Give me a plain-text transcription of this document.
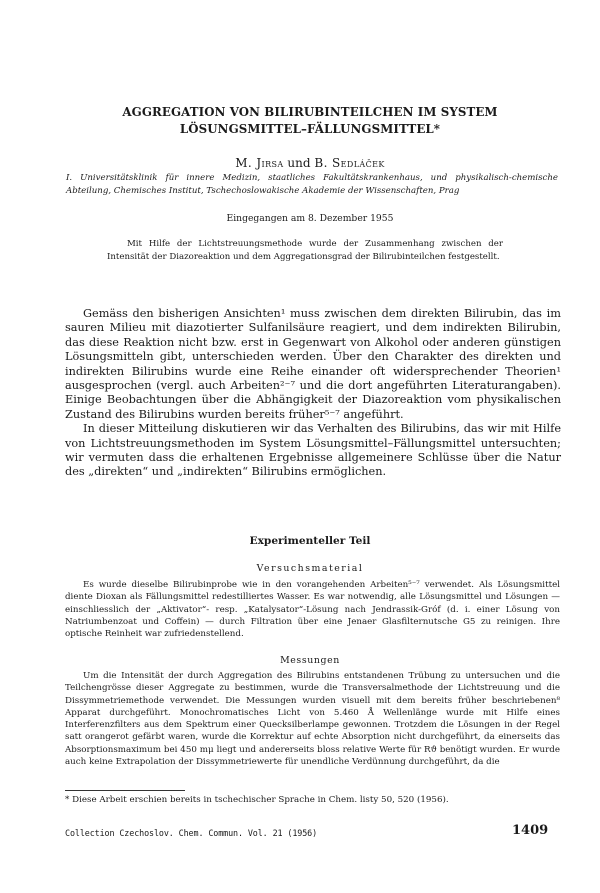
AGGREGATION VON BILIRUBINTEILCHEN IM SYSTEM
LÖSUNGSMITTEL–FÄLLUNGSMITTEL*
M. Jirsa und B. Sedláček
I. Universitätsklinik für innere Medizin, staatliches Fakultätskrankenhaus, und physikalisch-chemische Abteilung, Chemisches Institut, Tschechoslowakische Akademie der Wissenschaften, Prag
Eingegangen am 8. Dezember 1955

Mit Hilfe der Lichtstreuungsmethode wurde der Zusammenhang zwischen der Intensität der Diazoreaktion und dem Aggregationsgrad der Bilirubinteilchen festgestellt.

Gemäss den bisherigen Ansichten¹ muss zwischen dem direkten Bilirubin, das im sauren Milieu mit diazotierter Sulfanilsäure reagiert, und dem indirekten Bilirubin, das diese Reaktion nicht bzw. erst in Gegenwart von Alkohol oder anderen günstigen Lösungsmitteln gibt, unterschieden werden. Über den Charakter des direkten und indirekten Bilirubins wurde eine Reihe einander oft widersprechender Theorien¹ ausgesprochen (vergl. auch Arbeiten²⁻⁷ und die dort angeführten Literaturangaben). Einige Beobachtungen über die Abhängigkeit der Diazoreaktion vom physikalischen Zustand des Bilirubins wurden bereits früher⁵⁻⁷ angeführt.

In dieser Mitteilung diskutieren wir das Verhalten des Bilirubins, das wir mit Hilfe von Lichtstreuungsmethoden im System Lösungsmittel–Fällungsmittel untersuchten; wir vermuten dass die erhaltenen Ergebnisse allgemeinere Schlüsse über die Natur des „direkten“ und „indirekten“ Bilirubins ermöglichen.

Experimenteller Teil
Versuchsmaterial

Es wurde dieselbe Bilirubinprobe wie in den vorangehenden Arbeiten⁵⁻⁷ verwendet. Als Lösungsmittel diente Dioxan als Fällungsmittel redestilliertes Wasser. Es war notwendig, alle Lösungsmittel und Lösungen — einschliesslich der „Aktivator“- resp. „Katalysator“-Lösung nach Jendrassik-Gróf (d. i. einer Lösung von Natriumbenzoat und Coffein) — durch Filtration über eine Jenaer Glasfilternutsche G5 zu reinigen. Ihre optische Reinheit war zufriedenstellend.

Messungen

Um die Intensität der durch Aggregation des Bilirubins entstandenen Trübung zu untersuchen und die Teilchengrösse dieser Aggregate zu bestimmen, wurde die Transversalmethode der Lichtstreuung und die Dissymmetriemethode verwendet. Die Messungen wurden visuell mit dem bereits früher beschriebenen⁸ Apparat durchgeführt. Monochromatisches Licht von 5.460 Å Wellenlänge wurde mit Hilfe eines Interferenzfilters aus dem Spektrum einer Quecksilberlampe gewonnen. Trotzdem die Lösungen in der Regel satt orangerot gefärbt waren, wurde die Korrektur auf echte Absorption nicht durchgeführt, da einerseits das Absorptionsmaximum bei 450 mμ liegt und andererseits bloss relative Werte für Rϑ benötigt wurden. Er wurde auch keine Extrapolation der Dissymmetriewerte für unendliche Verdünnung durchgeführt, da die

* Diese Arbeit erschien bereits in tschechischer Sprache in Chem. listy 50, 520 (1956).
Collection Czechoslov. Chem. Commun. Vol. 21 (1956)	1409
